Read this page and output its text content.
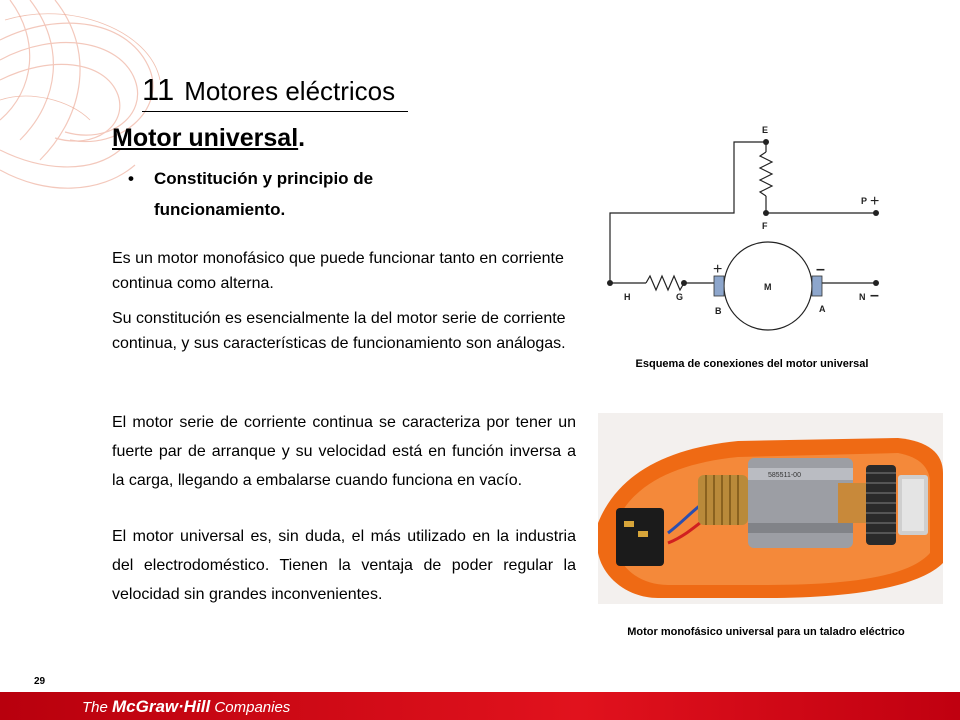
11 Motores eléctricos
Motor universal.
• Constitución y principio de funcionamiento.
Es un motor monofásico que puede funcionar tanto en corriente continua como alterna.
Su constitución es esencialmente la del motor serie de corriente continua, y sus características de funcionamiento son análogas.
El motor serie de corriente continua se caracteriza por tener un fuerte par de arranque y su velocidad está en función inversa a la carga, llegando a embalarse cuando funciona en vacío.
El motor universal es, sin duda, el más utilizado en la industria del electrodoméstico. Tienen la ventaja de poder regular la velocidad sin grandes inconvenientes.
E
F
P
H	G
B	A
N
M
+
+	–
–
Esquema de conexiones del motor universal
585511-00
Motor monofásico universal para un taladro eléctrico
29
The McGraw·Hill Companies
